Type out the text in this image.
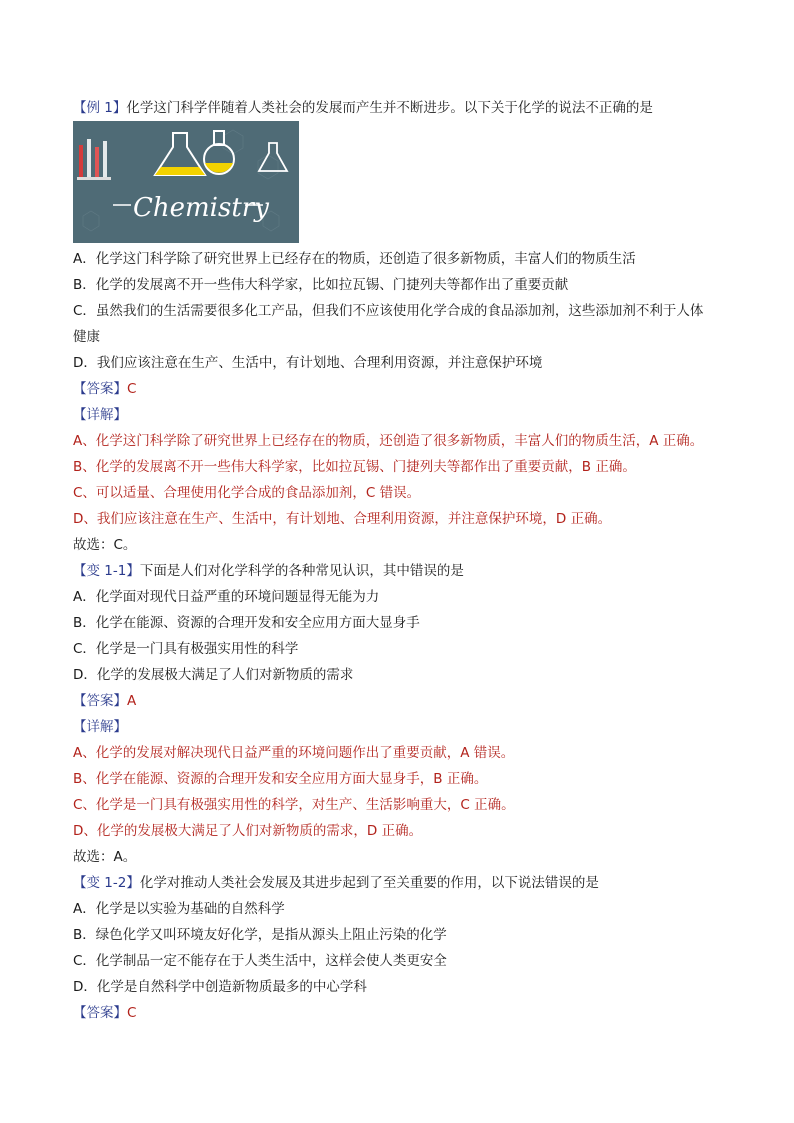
【例 1】化学这门科学伴随着人类社会的发展而产生并不断进步。以下关于化学的说法不正确的是
Chemistry
A．化学这门科学除了研究世界上已经存在的物质，还创造了很多新物质，丰富人们的物质生活
B．化学的发展离不开一些伟大科学家，比如拉瓦锡、门捷列夫等都作出了重要贡献
C．虽然我们的生活需要很多化工产品，但我们不应该使用化学合成的食品添加剂，这些添加剂不利于人体
健康
D．我们应该注意在生产、生活中，有计划地、合理利用资源，并注意保护环境
【答案】C
【详解】
A、化学这门科学除了研究世界上已经存在的物质，还创造了很多新物质，丰富人们的物质生活，A 正确。
B、化学的发展离不开一些伟大科学家，比如拉瓦锡、门捷列夫等都作出了重要贡献，B 正确。
C、可以适量、合理使用化学合成的食品添加剂，C 错误。
D、我们应该注意在生产、生活中，有计划地、合理利用资源，并注意保护环境，D 正确。
故选：C。
【变 1-1】下面是人们对化学科学的各种常见认识，其中错误的是
A．化学面对现代日益严重的环境问题显得无能为力
B．化学在能源、资源的合理开发和安全应用方面大显身手
C．化学是一门具有极强实用性的科学
D．化学的发展极大满足了人们对新物质的需求
【答案】A
【详解】
A、化学的发展对解决现代日益严重的环境问题作出了重要贡献，A 错误。
B、化学在能源、资源的合理开发和安全应用方面大显身手，B 正确。
C、化学是一门具有极强实用性的科学，对生产、生活影响重大，C 正确。
D、化学的发展极大满足了人们对新物质的需求，D 正确。
故选：A。
【变 1-2】化学对推动人类社会发展及其进步起到了至关重要的作用，以下说法错误的是
A．化学是以实验为基础的自然科学
B．绿色化学又叫环境友好化学，是指从源头上阻止污染的化学
C．化学制品一定不能存在于人类生活中，这样会使人类更安全
D．化学是自然科学中创造新物质最多的中心学科
【答案】C
